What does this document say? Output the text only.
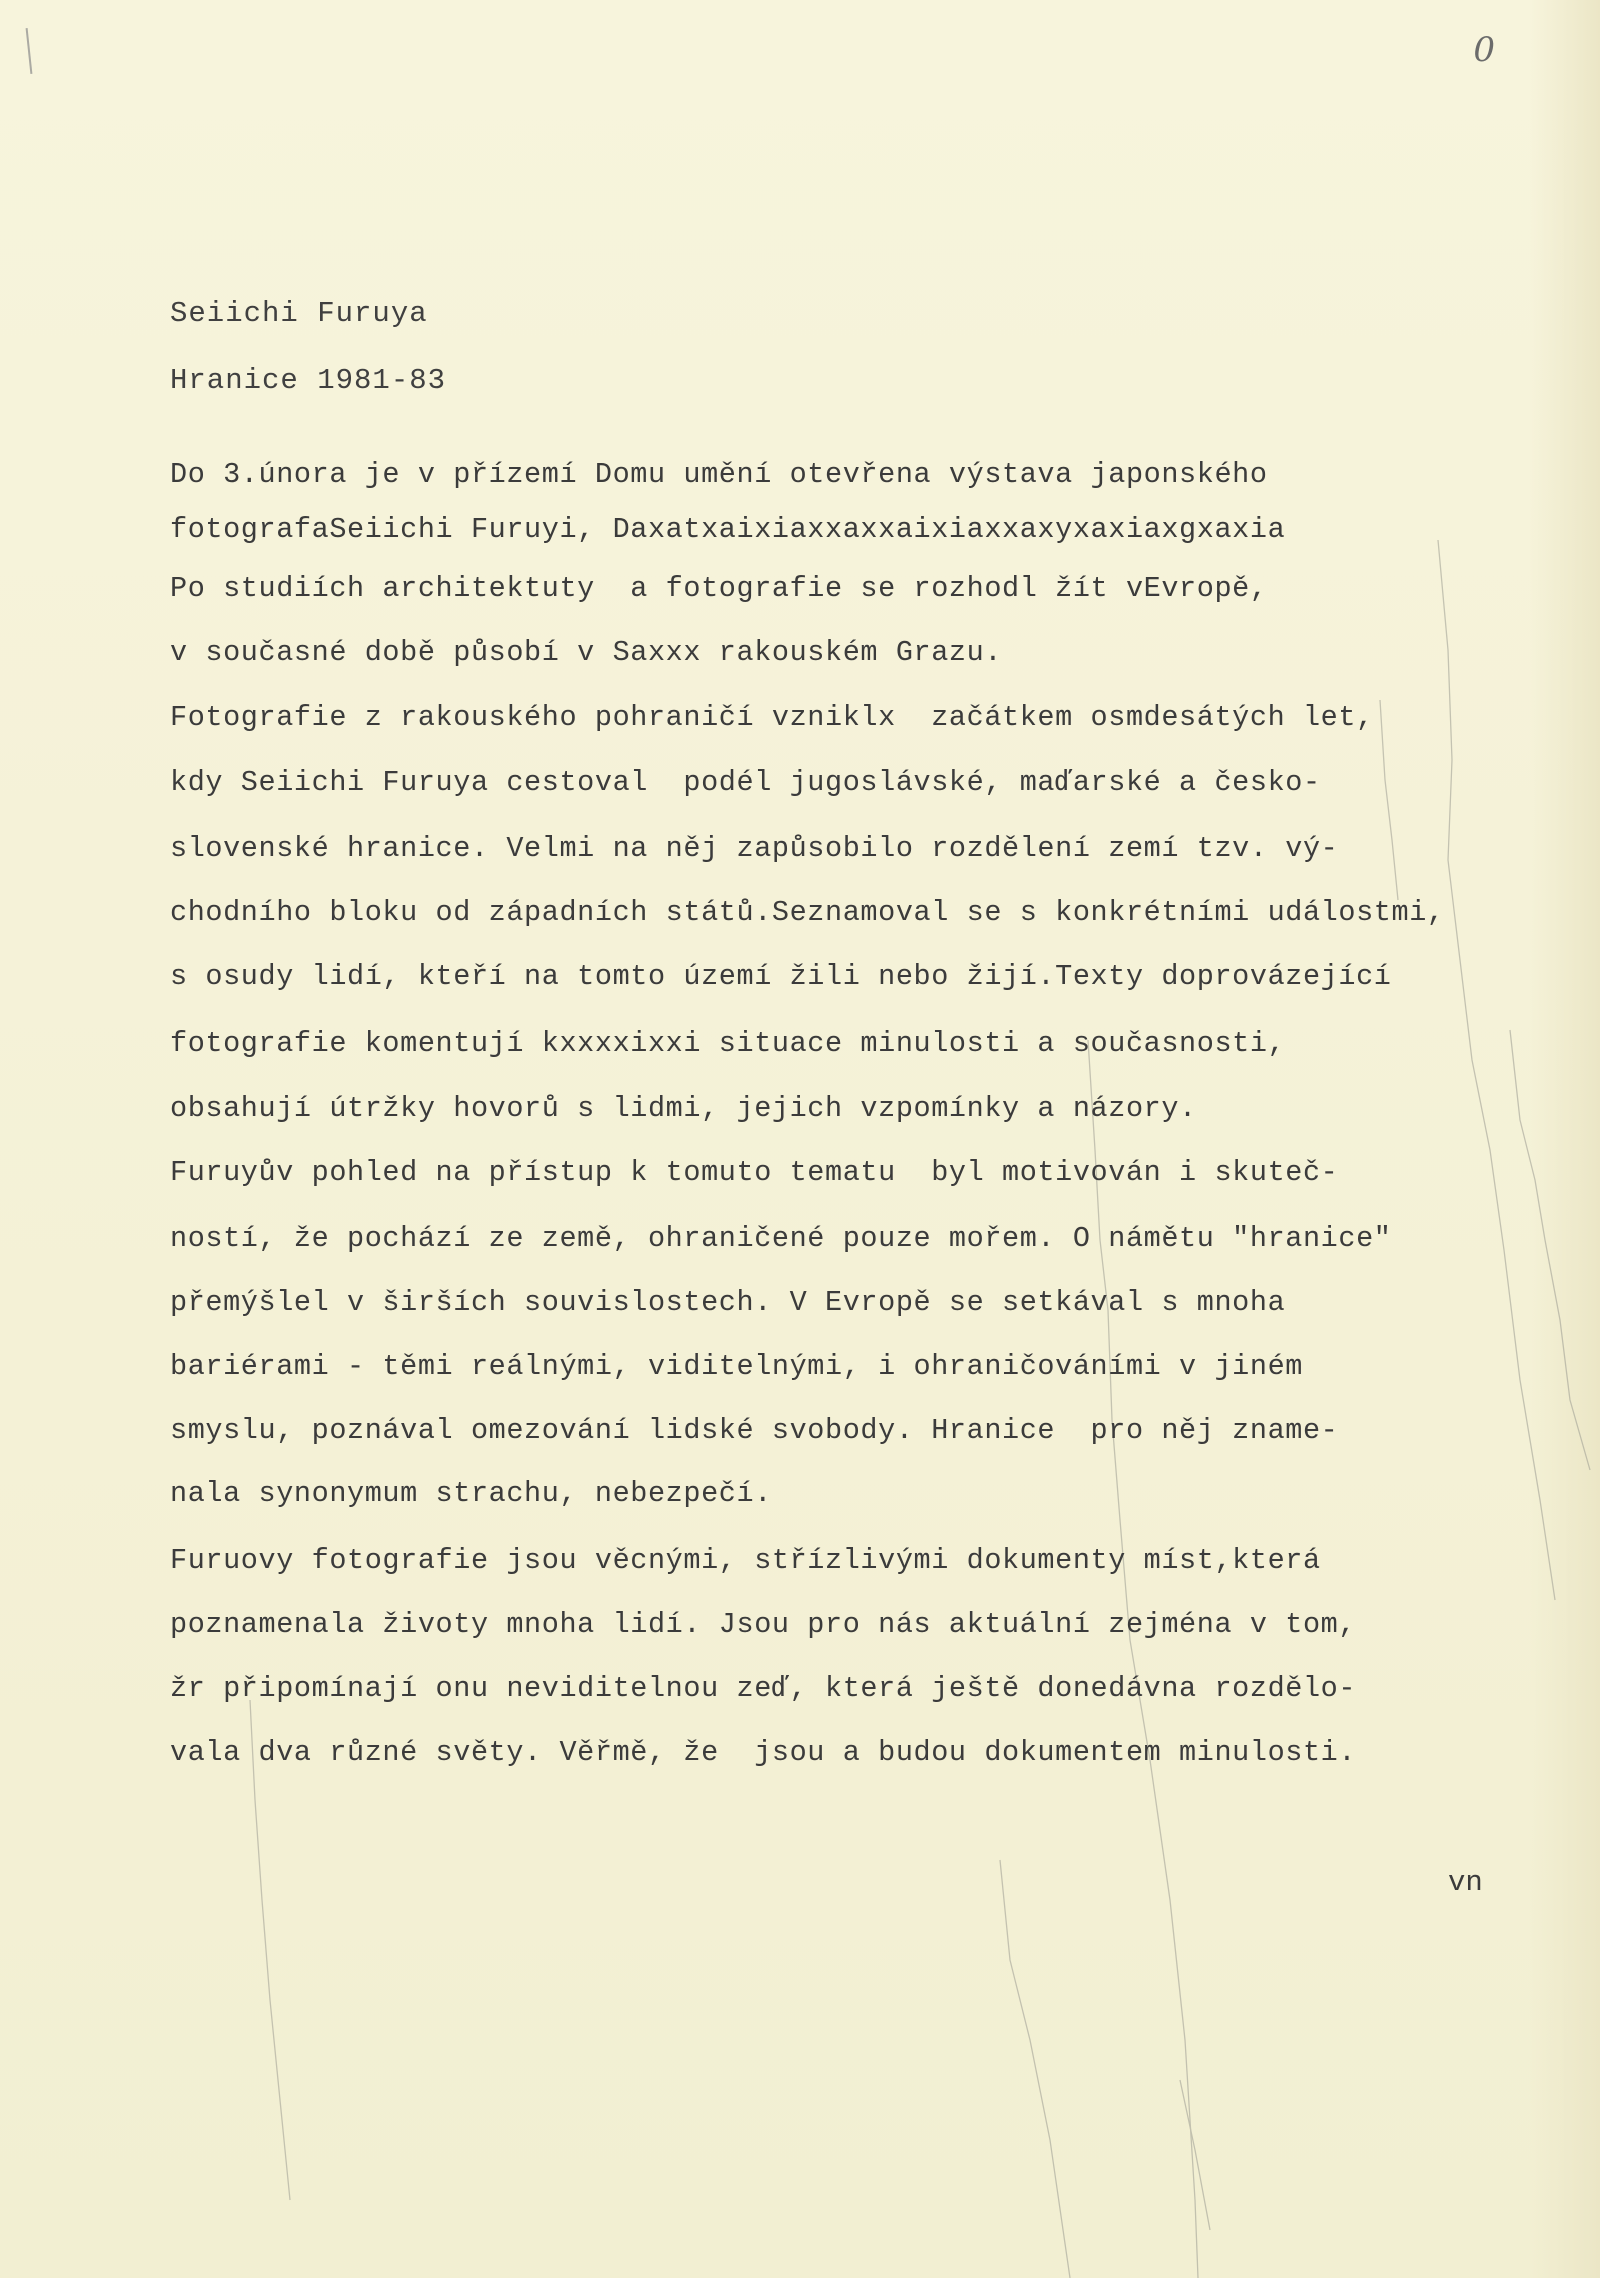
0
Seiichi Furuya
Hranice 1981-83
Do 3.února je v přízemí Domu umění otevřena výstava japonského
fotografaSeiichi Furuyi, Daxatxaixiaxxaxxaixiaxxaxyxaxiaxgxaxia
Po studiích architektuty  a fotografie se rozhodl žít vEvropě,
v současné době působí v Saxxx rakouském Grazu.
Fotografie z rakouského pohraničí vzniklx  začátkem osmdesátých let,
kdy Seiichi Furuya cestoval  podél jugoslávské, maďarské a česko-
slovenské hranice. Velmi na něj zapůsobilo rozdělení zemí tzv. vý-
chodního bloku od západních států.Seznamoval se s konkrétními událostmi,
s osudy lidí, kteří na tomto území žili nebo žijí.Texty doprovázející
fotografie komentují kxxxxixxi situace minulosti a současnosti,
obsahují útržky hovorů s lidmi, jejich vzpomínky a názory.
Furuyův pohled na přístup k tomuto tematu  byl motivován i skuteč-
ností, že pochází ze země, ohraničené pouze mořem. O námětu "hranice"
přemýšlel v širších souvislostech. V Evropě se setkával s mnoha
bariérami - těmi reálnými, viditelnými, i ohraničováními v jiném
smyslu, poznával omezování lidské svobody. Hranice  pro něj zname-
nala synonymum strachu, nebezpečí.
Furuovy fotografie jsou věcnými, střízlivými dokumenty míst,která
poznamenala životy mnoha lidí. Jsou pro nás aktuální zejména v tom,
žr připomínají onu neviditelnou zeď, která ještě donedávna rozdělo-
vala dva různé světy. Věřmě, že  jsou a budou dokumentem minulosti.
vn
